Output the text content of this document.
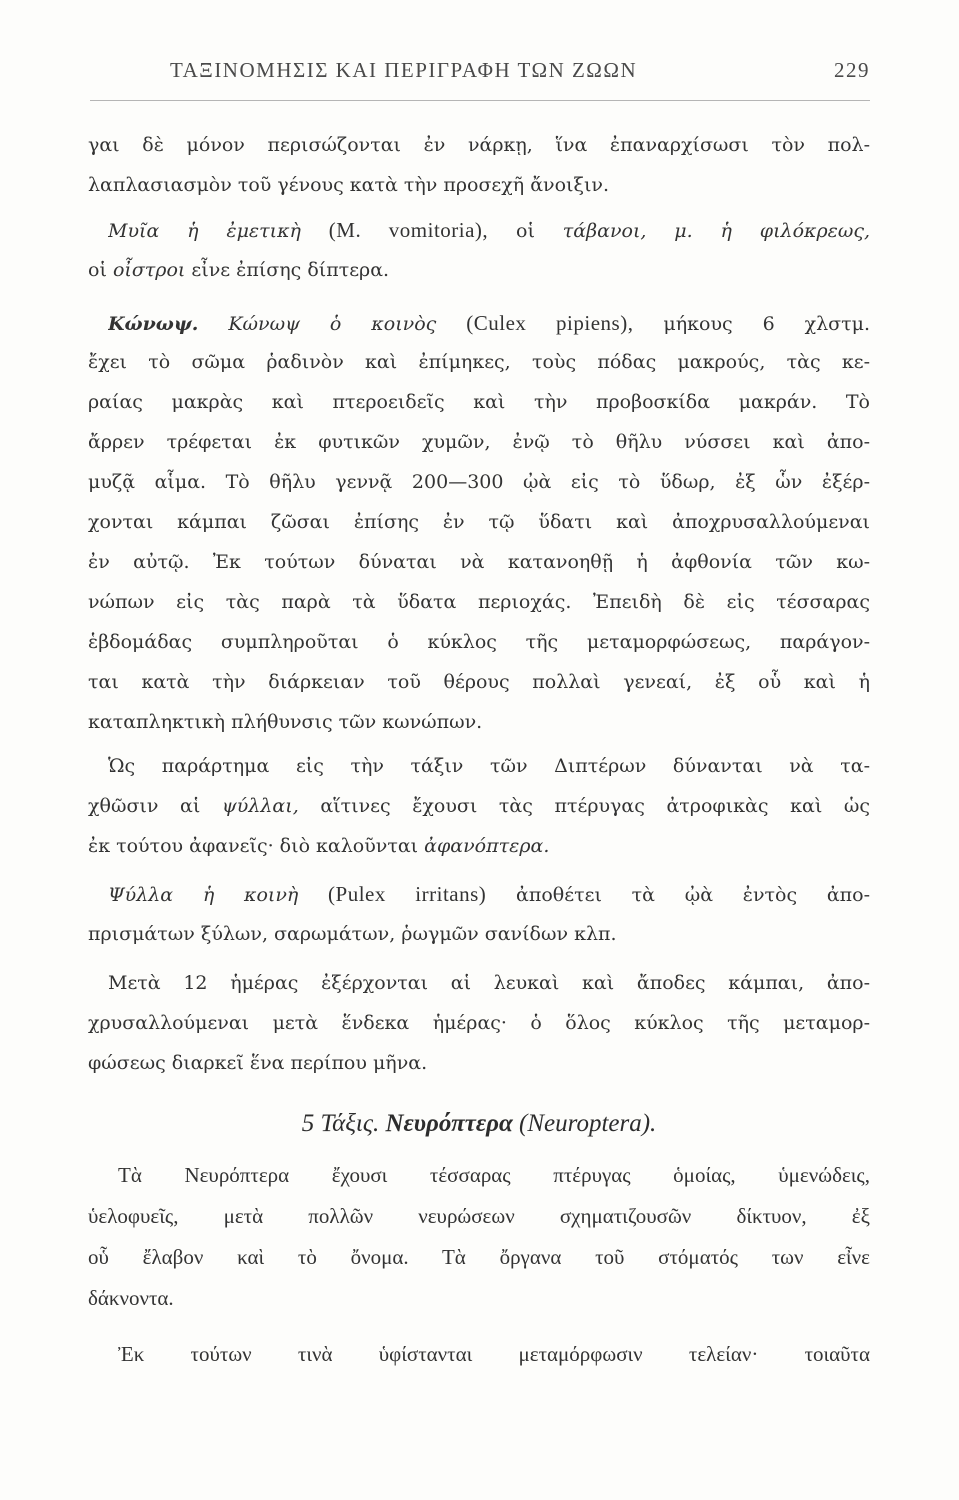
ΤΑΞΙΝΟΜΗΣΙΣ ΚΑΙ ΠΕΡΙΓΡΑΦΗ ΤΩΝ ΖΩΩΝ	229
γαι δὲ μόνον περισώζονται ἐν νάρκῃ, ἵνα ἐπαναρχίσωσι τὸν πολ-
λαπλασιασμὸν τοῦ γένους κατὰ τὴν προσεχῆ ἄνοιξιν.
Μυῖα ἡ ἐμετικὴ (M. vomitoria), οἱ τάβανοι, μ. ἡ φιλόκρεως,
οἱ οἶστροι εἶνε ἐπίσης δίπτερα.
Κώνωψ. Κώνωψ ὁ κοινὸς (Culex pipiens), μήκους 6 χλστμ.
ἔχει τὸ σῶμα ῥαδινὸν καὶ ἐπίμηκες, τοὺς πόδας μακρούς, τὰς κε-
ραίας μακρὰς καὶ πτεροειδεῖς καὶ τὴν προβοσκίδα μακράν. Τὸ
ἄρρεν τρέφεται ἐκ φυτικῶν χυμῶν, ἐνῷ τὸ θῆλυ νύσσει καὶ ἀπο-
μυζᾷ αἷμα. Τὸ θῆλυ γεννᾷ 200—300 ᾠὰ εἰς τὸ ὕδωρ, ἐξ ὧν ἐξέρ-
χονται κάμπαι ζῶσαι ἐπίσης ἐν τῷ ὕδατι καὶ ἀποχρυσαλλούμεναι
ἐν αὐτῷ. Ἐκ τούτων δύναται νὰ κατανοηθῇ ἡ ἀφθονία τῶν κω-
νώπων εἰς τὰς παρὰ τὰ ὕδατα περιοχάς. Ἐπειδὴ δὲ εἰς τέσσαρας
ἑβδομάδας συμπληροῦται ὁ κύκλος τῆς μεταμορφώσεως, παράγον-
ται κατὰ τὴν διάρκειαν τοῦ θέρους πολλαὶ γενεαί, ἐξ οὗ καὶ ἡ
καταπληκτικὴ πλήθυνσις τῶν κωνώπων.
Ὡς παράρτημα εἰς τὴν τάξιν τῶν Διπτέρων δύνανται νὰ τα-
χθῶσιν αἱ ψύλλαι, αἵτινες ἔχουσι τὰς πτέρυγας ἀτροφικὰς καὶ ὡς
ἐκ τούτου ἀφανεῖς· διὸ καλοῦνται ἀφανόπτερα.
Ψύλλα ἡ κοινὴ (Pulex irritans) ἀποθέτει τὰ ᾠὰ ἐντὸς ἀπο-
πρισμάτων ξύλων, σαρωμάτων, ῥωγμῶν σανίδων κλπ.
Μετὰ 12 ἡμέρας ἐξέρχονται αἱ λευκαὶ καὶ ἄποδες κάμπαι, ἀπο-
χρυσαλλούμεναι μετὰ ἕνδεκα ἡμέρας· ὁ ὅλος κύκλος τῆς μεταμορ-
φώσεως διαρκεῖ ἕνα περίπου μῆνα.
5 Τάξις. Νευρόπτερα (Neuroptera).
Τὰ Νευρόπτερα ἔχουσι τέσσαρας πτέρυγας ὁμοίας, ὑμενώδεις,
ὑελοφυεῖς, μετὰ πολλῶν νευρώσεων σχηματιζουσῶν δίκτυον, ἐξ
οὗ ἔλαβον καὶ τὸ ὄνομα. Τὰ ὄργανα τοῦ στόματός των εἶνε
δάκνοντα.
Ἐκ τούτων τινὰ ὑφίστανται μεταμόρφωσιν τελείαν· τοιαῦτα
